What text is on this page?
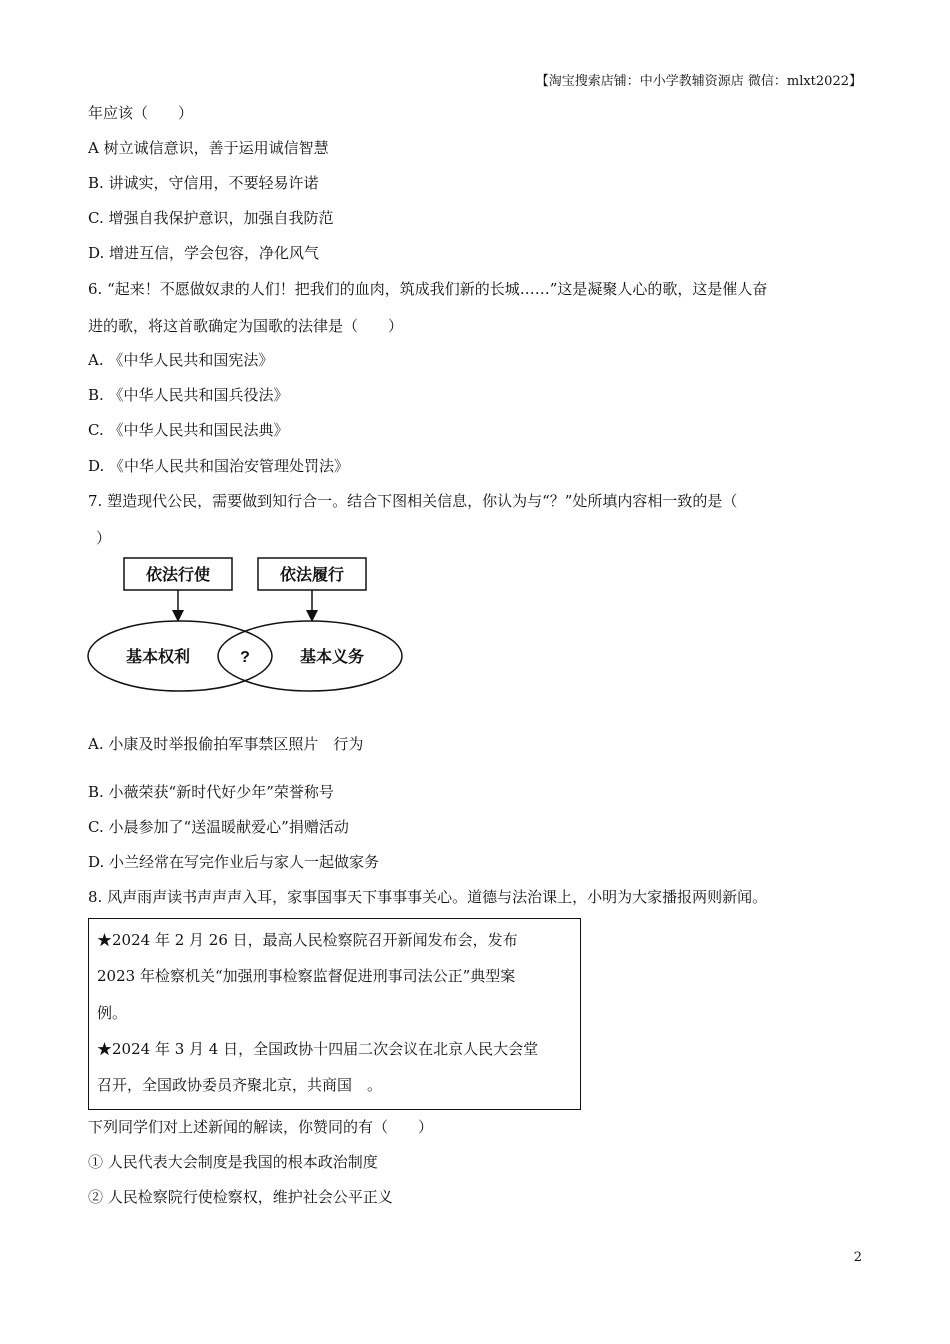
【淘宝搜索店铺：中小学教辅资源店 微信：mlxt2022】
年应该（　　）
A 树立诚信意识，善于运用诚信智慧
B. 讲诚实，守信用，不要轻易许诺
C. 增强自我保护意识，加强自我防范
D. 增进互信，学会包容，净化风气
6. “起来！不愿做奴隶的人们！把我们的血肉，筑成我们新的长城……”这是凝聚人心的歌，这是催人奋
进的歌，将这首歌确定为国歌的法律是（　　）
A. 《中华人民共和国宪法》
B. 《中华人民共和国兵役法》
C. 《中华人民共和国民法典》
D. 《中华人民共和国治安管理处罚法》
7. 塑造现代公民，需要做到知行合一。结合下图相关信息，你认为与“？”处所填内容相一致的是（
）
依法行使	依法履行
基本权利	基本义务
?
A. 小康及时举报偷拍军事禁区照片　行为
B. 小薇荣获“新时代好少年”荣誉称号
C. 小晨参加了“送温暖献爱心”捐赠活动
D. 小兰经常在写完作业后与家人一起做家务
8. 风声雨声读书声声声入耳，家事国事天下事事事关心。道德与法治课上，小明为大家播报两则新闻。
★2024 年 2 月 26 日，最高人民检察院召开新闻发布会，发布
2023 年检察机关“加强刑事检察监督促进刑事司法公正”典型案
例。
★2024 年 3 月 4 日，全国政协十四届二次会议在北京人民大会堂
召开，全国政协委员齐聚北京，共商国　。
下列同学们对上述新闻的解读，你赞同的有（　　）
① 人民代表大会制度是我国的根本政治制度
② 人民检察院行使检察权，维护社会公平正义
2
